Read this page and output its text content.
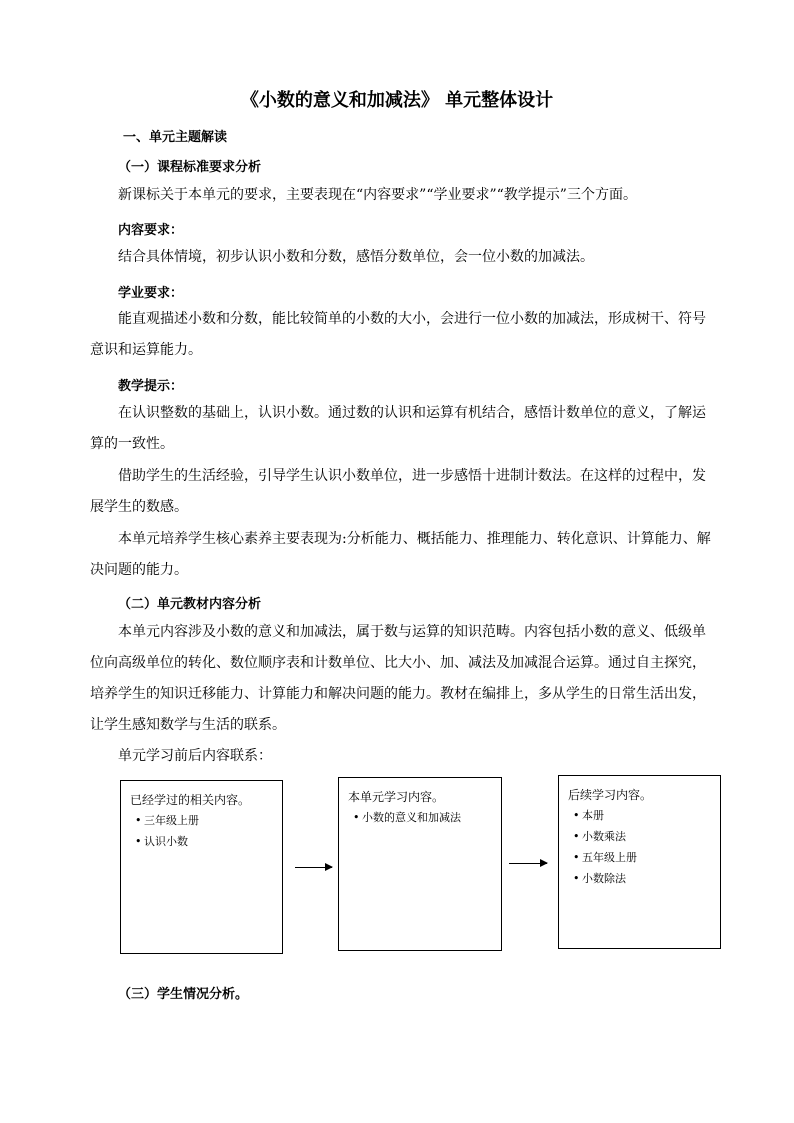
《小数的意义和加减法》 单元整体设计

一、单元主题解读

（一）课程标准要求分析

新课标关于本单元的要求，主要表现在“内容要求”“学业要求”“教学提示”三个方面。

内容要求：

结合具体情境，初步认识小数和分数，感悟分数单位，会一位小数的加减法。

学业要求：

能直观描述小数和分数，能比较简单的小数的大小，会进行一位小数的加减法，形成树干、符号意识和运算能力。

教学提示：

在认识整数的基础上，认识小数。通过数的认识和运算有机结合，感悟计数单位的意义，了解运算的一致性。

借助学生的生活经验，引导学生认识小数单位，进一步感悟十进制计数法。在这样的过程中，发展学生的数感。

本单元培养学生核心素养主要表现为:分析能力、概括能力、推理能力、转化意识、计算能力、解决问题的能力。

（二）单元教材内容分析

本单元内容涉及小数的意义和加减法，属于数与运算的知识范畴。内容包括小数的意义、低级单位向高级单位的转化、数位顺序表和计数单位、比大小、加、减法及加减混合运算。通过自主探究，培养学生的知识迁移能力、计算能力和解决问题的能力。教材在编排上，多从学生的日常生活出发，让学生感知数学与生活的联系。

单元学习前后内容联系：

已经学过的相关内容。
• 三年级上册
• 认识小数
本单元学习内容。
• 小数的意义和加减法
后续学习内容。
• 本册
• 小数乘法
• 五年级上册
• 小数除法

（三）学生情况分析。
